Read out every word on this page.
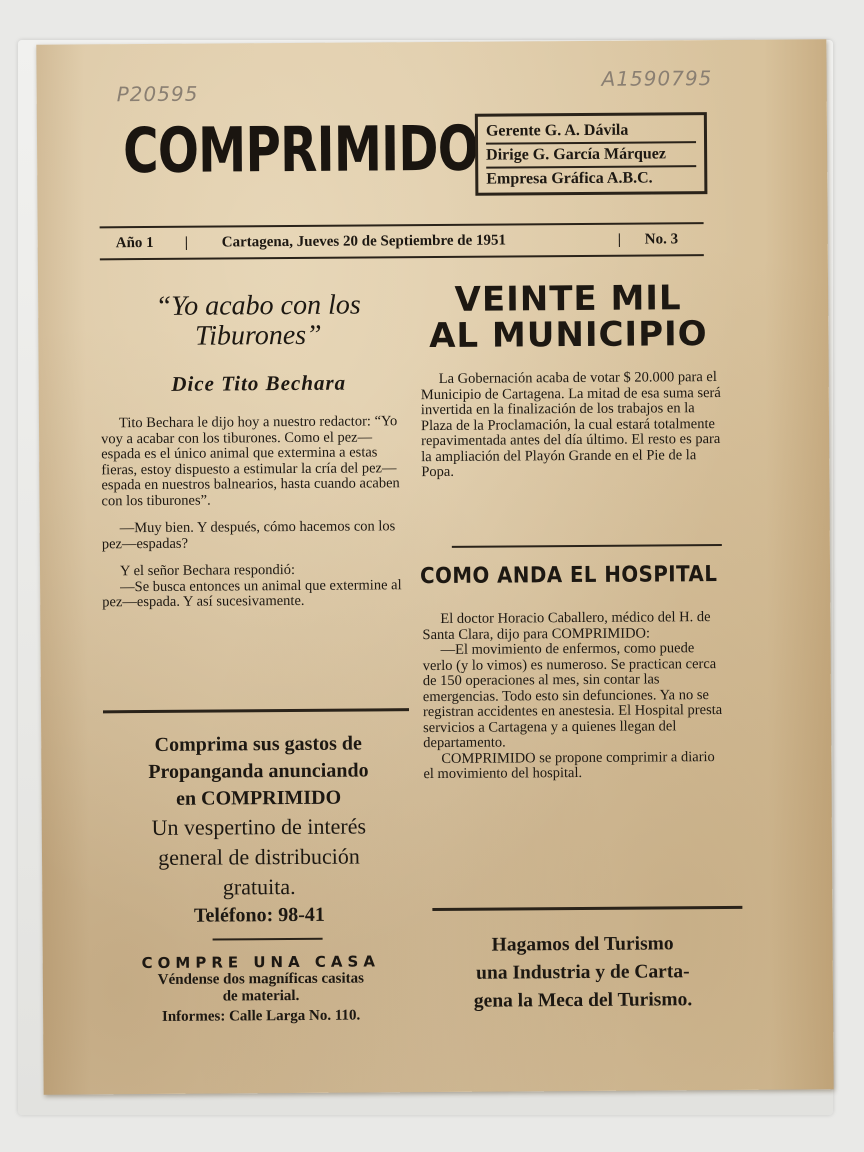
P20595
A1590795
COMPRIMIDO Gerente G. A. Dávila
Dirige G. García Márquez
Empresa Gráfica A.B.C.
Año 1 | Cartagena, Jueves 20 de Septiembre de 1951	| No. 3
“Yo acabo con los
Tiburones”
Dice Tito Bechara

Tito Bechara le dijo hoy a nuestro redactor: “Yo voy a acabar con los tiburones. Como el pez—espada es el único animal que extermina a estas fieras, estoy dispuesto a estimular la cría del pez—espada en nuestros balnearios, hasta cuando acaben con los tiburones”.

—Muy bien. Y después, cómo hacemos con los pez—espadas?

Y el señor Bechara respondió:

—Se busca entonces un animal que extermine al pez—espada. Y así sucesivamente.

Comprima sus gastos de
Propanganda anunciando
en COMPRIMIDO
Un vespertino de interés
general de distribución
gratuita.
Teléfono: 98-41
COMPRE UNA CASA
Véndense dos magníficas casitas
de material.
Informes: Calle Larga No. 110.
VEINTE MIL
AL MUNICIPIO

La Gobernación acaba de votar $ 20.000 para el Municipio de Cartagena. La mitad de esa suma será invertida en la finalización de los trabajos en la Plaza de la Proclamación, la cual estará totalmente repavimentada antes del día último. El resto es para la ampliación del Playón Grande en el Pie de la Popa.

COMO ANDA EL HOSPITAL

El doctor Horacio Caballero, médico del H. de Santa Clara, dijo para COMPRIMIDO:

—El movimiento de enfermos, como puede verlo (y lo vimos) es numeroso. Se practican cerca de 150 operaciones al mes, sin contar las emergencias. Todo esto sin defunciones. Ya no se registran accidentes en anestesia. El Hospital presta servicios a Cartagena y a quienes llegan del departamento.

COMPRIMIDO se propone comprimir a diario el movimiento del hospital.

Hagamos del Turismo
una Industria y de Carta-
gena la Meca del Turismo.
